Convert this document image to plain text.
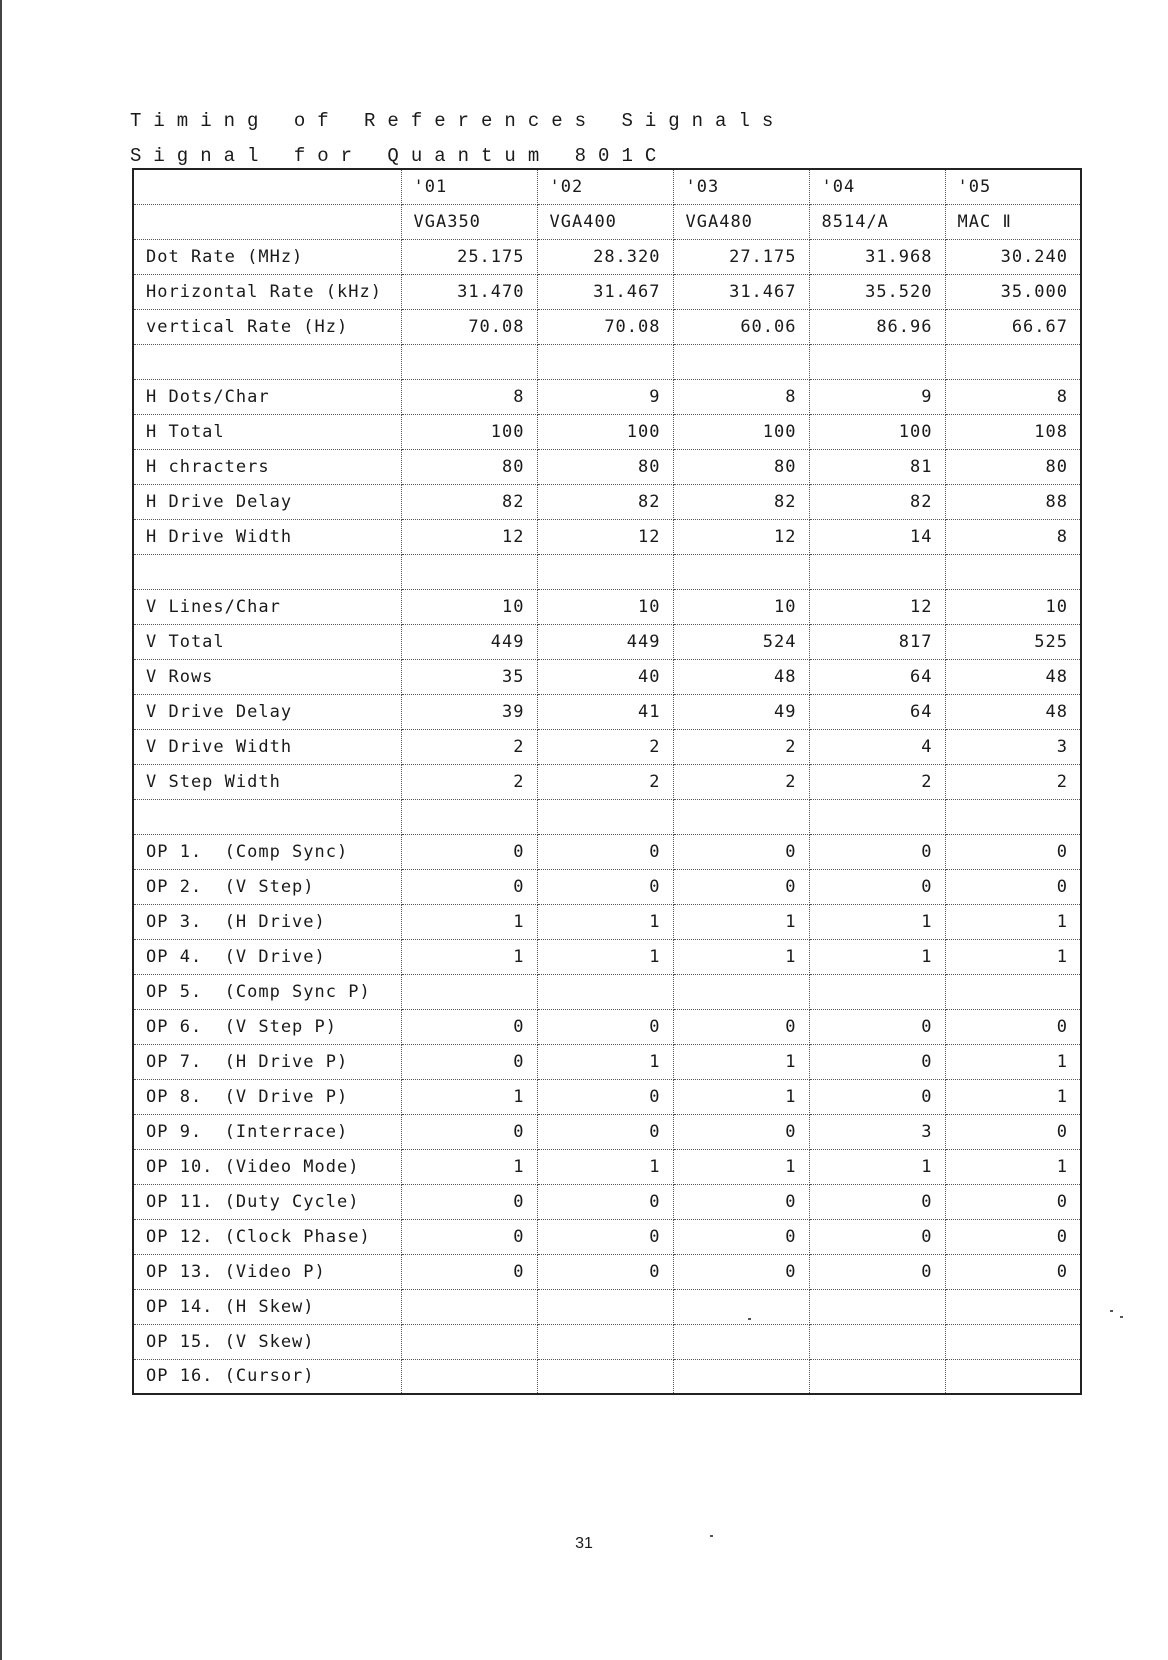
Timing of References Signals
Signal for Quantum 801C
	'01	'02	'03	'04	'05
	VGA350	VGA400	VGA480	8514/A	MAC Ⅱ
Dot Rate (MHz)	25.175	28.320	27.175	31.968	30.240
Horizontal Rate (kHz)	31.470	31.467	31.467	35.520	35.000
vertical Rate (Hz)	70.08	70.08	60.06	86.96	66.67

H Dots/Char	8	9	8	9	8
H Total	100	100	100	100	108
H chracters	80	80	80	81	80
H Drive Delay	82	82	82	82	88
H Drive Width	12	12	12	14	8

V Lines/Char	10	10	10	12	10
V Total	449	449	524	817	525
V Rows	35	40	48	64	48
V Drive Delay	39	41	49	64	48
V Drive Width	2	2	2	4	3
V Step Width	2	2	2	2	2

OP 1.  (Comp Sync)	0	0	0	0	0
OP 2.  (V Step)	0	0	0	0	0
OP 3.  (H Drive)	1	1	1	1	1
OP 4.  (V Drive)	1	1	1	1	1
OP 5.  (Comp Sync P)					
OP 6.  (V Step P)	0	0	0	0	0
OP 7.  (H Drive P)	0	1	1	0	1
OP 8.  (V Drive P)	1	0	1	0	1
OP 9.  (Interrace)	0	0	0	3	0
OP 10. (Video Mode)	1	1	1	1	1
OP 11. (Duty Cycle)	0	0	0	0	0
OP 12. (Clock Phase)	0	0	0	0	0
OP 13. (Video P)	0	0	0	0	0
OP 14. (H Skew)					
OP 15. (V Skew)					
OP 16. (Cursor)					
31
